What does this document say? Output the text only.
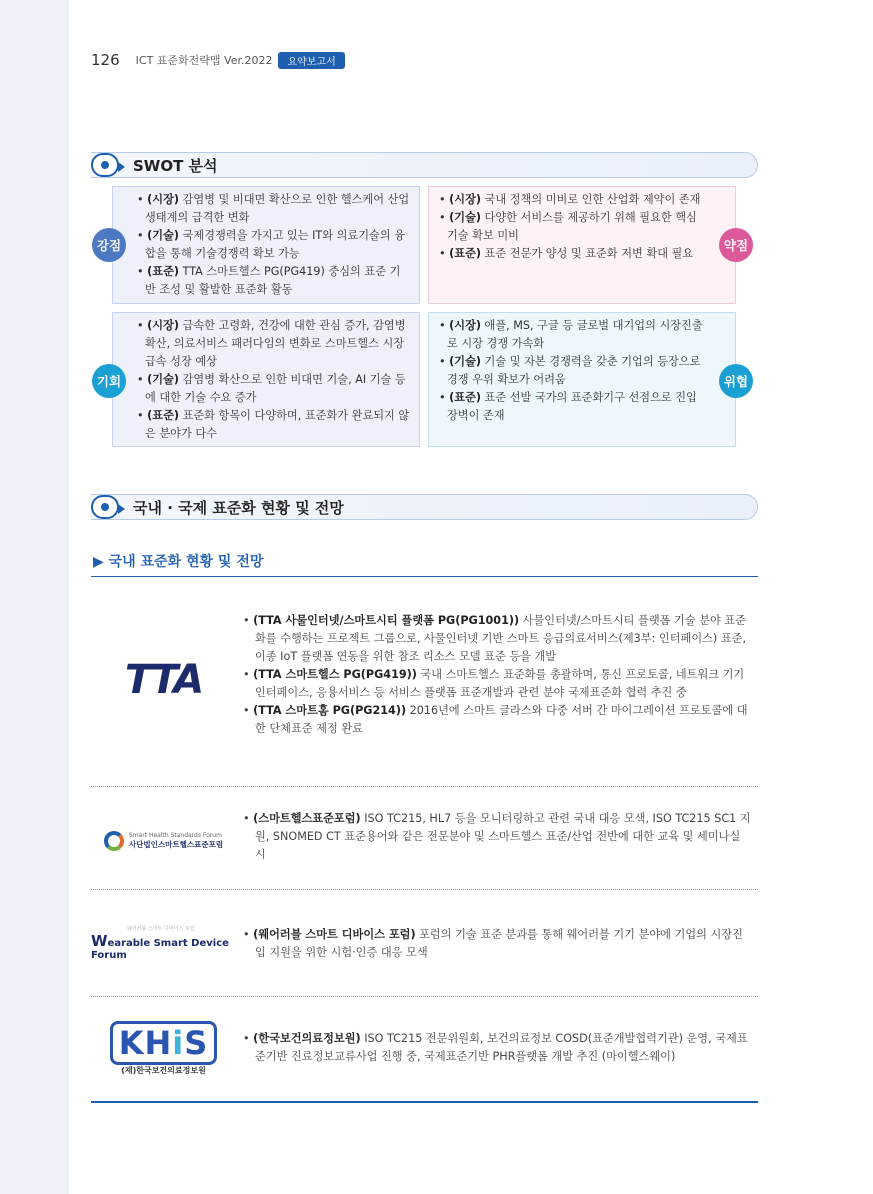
126 ICT 표준화전략맵 Ver.2022	요약보고서
SWOT 분석
• (시장) 감염병 및 비대면 확산으로 인한 헬스케어 산업 생태계의 급격한 변화
• (기술) 국제경쟁력을 가지고 있는 IT와 의료기술의 융합을 통해 기술경쟁력 확보 가능
• (표준) TTA 스마트헬스 PG(PG419) 중심의 표준 기반 조성 및 활발한 표준화 활동
• (시장) 국내 정책의 미비로 인한 산업화 제약이 존재
• (기술) 다양한 서비스를 제공하기 위해 필요한 핵심 기술 확보 미비
• (표준) 표준 전문가 양성 및 표준화 저변 확대 필요
• (시장) 급속한 고령화, 건강에 대한 관심 증가, 감염병 확산, 의료서비스 패러다임의 변화로 스마트헬스 시장 급속 성장 예상
• (기술) 감염병 확산으로 인한 비대면 기술, AI 기술 등에 대한 기술 수요 증가
• (표준) 표준화 항목이 다양하며, 표준화가 완료되지 않은 분야가 다수
• (시장) 애플, MS, 구글 등 글로벌 대기업의 시장진출로 시장 경쟁 가속화
• (기술) 기술 및 자본 경쟁력을 갖춘 기업의 등장으로 경쟁 우위 확보가 어려움
• (표준) 표준 선발 국가의 표준화기구 선점으로 진입 장벽이 존재
강점	약점
기회	위협
국내 · 국제 표준화 현황 및 전망
▶ 국내 표준화 현황 및 전망
TTA
• (TTA 사물인터넷/스마트시티 플랫폼 PG(PG1001)) 사물인터넷/스마트시티 플랫폼 기술 분야 표준화를 수행하는 프로젝트 그룹으로, 사물인터넷 기반 스마트 응급의료서비스(제3부: 인터페이스) 표준, 이종 IoT 플랫폼 연동을 위한 참조 리소스 모델 표준 등을 개발
• (TTA 스마트헬스 PG(PG419)) 국내 스마트헬스 표준화를 총괄하며, 통신 프로토콜, 네트워크 기기 인터페이스, 응용서비스 등 서비스 플랫폼 표준개발과 관련 분야 국제표준화 협력 추진 중
• (TTA 스마트홈 PG(PG214)) 2016년에 스마트 글라스와 다중 서버 간 마이그레이션 프로토콜에 대한 단체표준 제정 완료
Smart Health Standards Forum
사단법인스마트헬스표준포럼
• (스마트헬스표준포럼) ISO TC215, HL7 등을 모니터링하고 관련 국내 대응 모색, ISO TC215 SC1 지원, SNOMED CT 표준용어와 같은 전문분야 및 스마트헬스 표준/산업 전반에 대한 교육 및 세미나실시
웨어러블 스마트 디바이스 포럼
Wearable Smart Device Forum
• (웨어러블 스마트 디바이스 포럼) 포럼의 기술 표준 분과를 통해 웨어러블 기기 분야에 기업의 시장진입 지원을 위한 시험·인증 대응 모색
KHiS
(재)한국보건의료정보원
• (한국보건의료정보원) ISO TC215 전문위원회, 보건의료정보 COSD(표준개발협력기관) 운영, 국제표준기반 진료정보교류사업 진행 중, 국제표준기반 PHR플랫폼 개발 추진 (마이헬스웨이)
